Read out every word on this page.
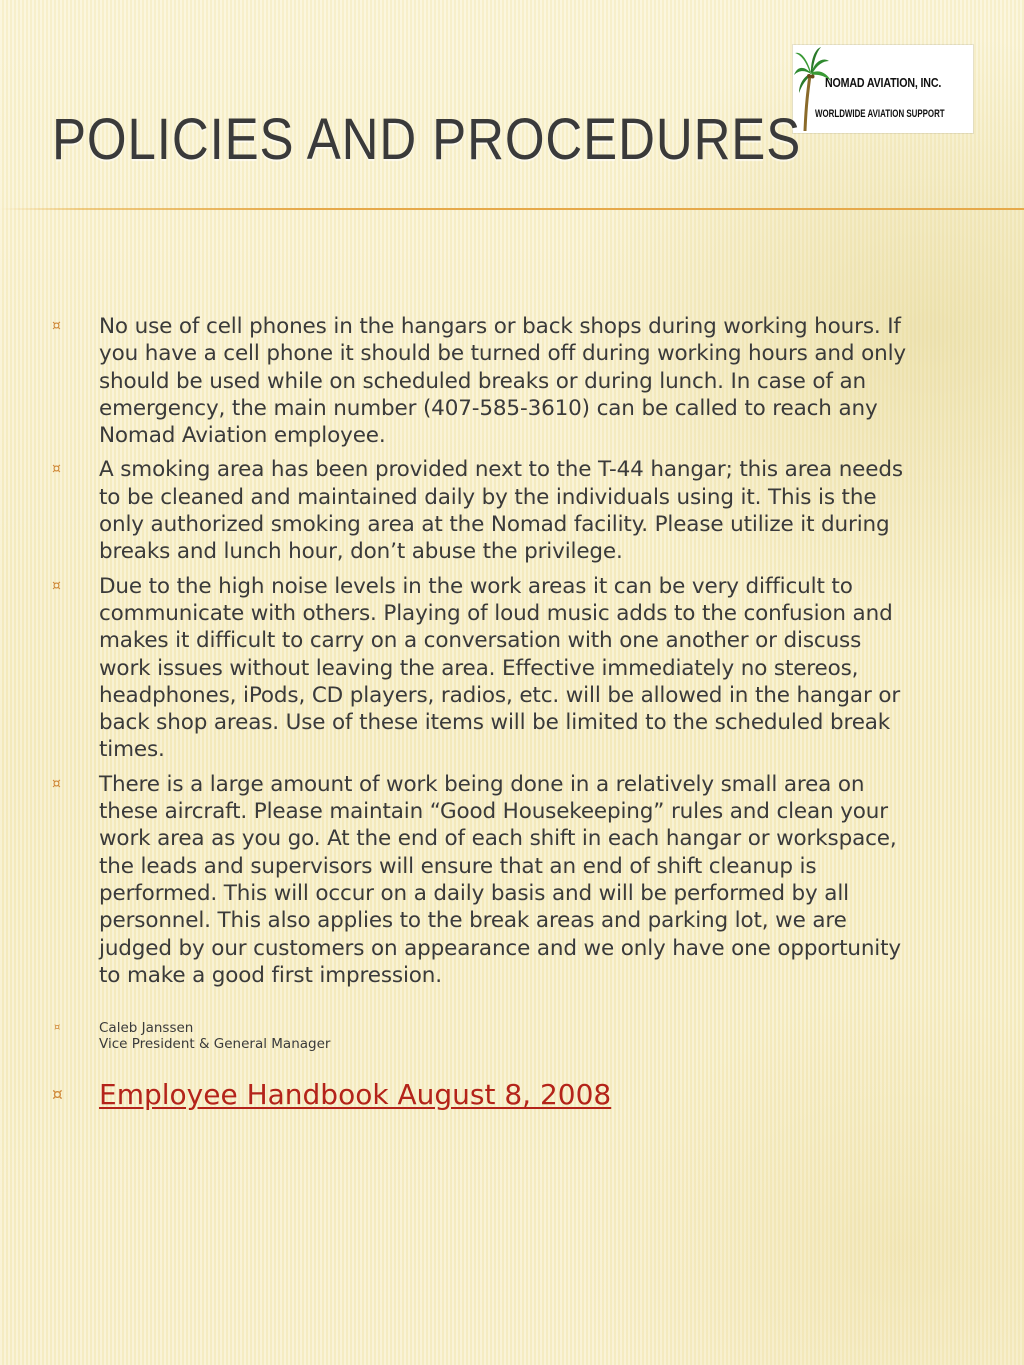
NOMAD AVIATION, INC.
WORLDWIDE AVIATION SUPPORT
POLICIES AND PROCEDURES
¤ No use of cell phones in the hangars or back shops during working hours. If you have a cell phone it should be turned off during working hours and only should be used while on scheduled breaks or during lunch. In case of an emergency, the main number (407-585-3610) can be called to reach any Nomad Aviation employee.
¤ A smoking area has been provided next to the T-44 hangar; this area needs to be cleaned and maintained daily by the individuals using it. This is the only authorized smoking area at the Nomad facility. Please utilize it during breaks and lunch hour, don’t abuse the privilege.
¤ Due to the high noise levels in the work areas it can be very difficult to communicate with others. Playing of loud music adds to the confusion and makes it difficult to carry on a conversation with one another or discuss work issues without leaving the area. Effective immediately no stereos, headphones, iPods, CD players, radios, etc. will be allowed in the hangar or back shop areas. Use of these items will be limited to the scheduled break times.
¤ There is a large amount of work being done in a relatively small area on these aircraft. Please maintain “Good Housekeeping” rules and clean your work area as you go. At the end of each shift in each hangar or workspace, the leads and supervisors will ensure that an end of shift cleanup is performed. This will occur on a daily basis and will be performed by all personnel. This also applies to the break areas and parking lot, we are judged by our customers on appearance and we only have one opportunity to make a good first impression.
¤	Caleb Janssen
Vice President & General Manager
¤ Employee Handbook August 8, 2008
